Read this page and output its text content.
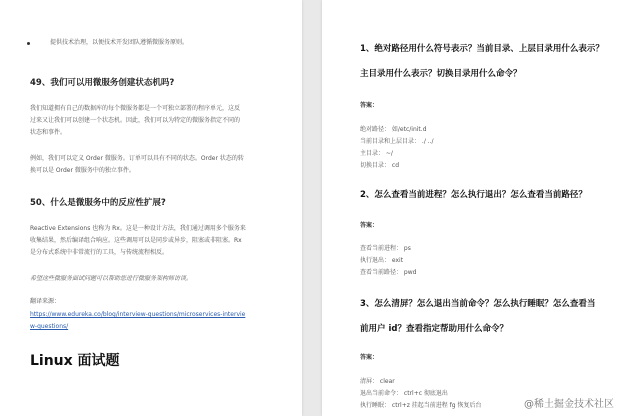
提供技术治理，以便技术开发团队遵循微服务原则。
49、我们可以用微服务创建状态机吗?
我们知道拥有自己的数据库的每个微服务都是一个可独立部署的程序单元，这反
过来又让我们可以创建一个状态机。因此，我们可以为特定的微服务指定不同的
状态和事件。
例如，我们可以定义 Order 微服务。订单可以具有不同的状态。Order 状态的转
换可以是 Order 微服务中的独立事件。
50、什么是微服务中的反应性扩展?
Reactive Extensions 也称为 Rx。这是一种设计方法，我们通过调用多个服务来
收集结果，然后编译组合响应。这些调用可以是同步或异步，阻塞或非阻塞。Rx
是分布式系统中非常流行的工具，与传统流程相反。
希望这些微服务面试问题可以帮助您进行微服务架构师访谈。
翻译来源：
https://www.edureka.co/blog/interview-questions/microservices-intervie
w-questions/
Linux 面试题
1、绝对路径用什么符号表示？当前目录、上层目录用什么表示？
主目录用什么表示？切换目录用什么命令？
答案：
绝对路径： 如/etc/init.d
当前目录和上层目录： ./ ../
主目录： ~/
切换目录： cd
2、怎么查看当前进程？怎么执行退出？怎么查看当前路径？
答案：
查看当前进程： ps
执行退出： exit
查看当前路径： pwd
3、怎么清屏？怎么退出当前命令？怎么执行睡眠？怎么查看当
前用户 id？查看指定帮助用什么命令？
答案：
清屏： clear
退出当前命令： ctrl+c 彻底退出
执行睡眠： ctrl+z 挂起当前进程 fg 恢复后台	@稀土掘金技术社区
